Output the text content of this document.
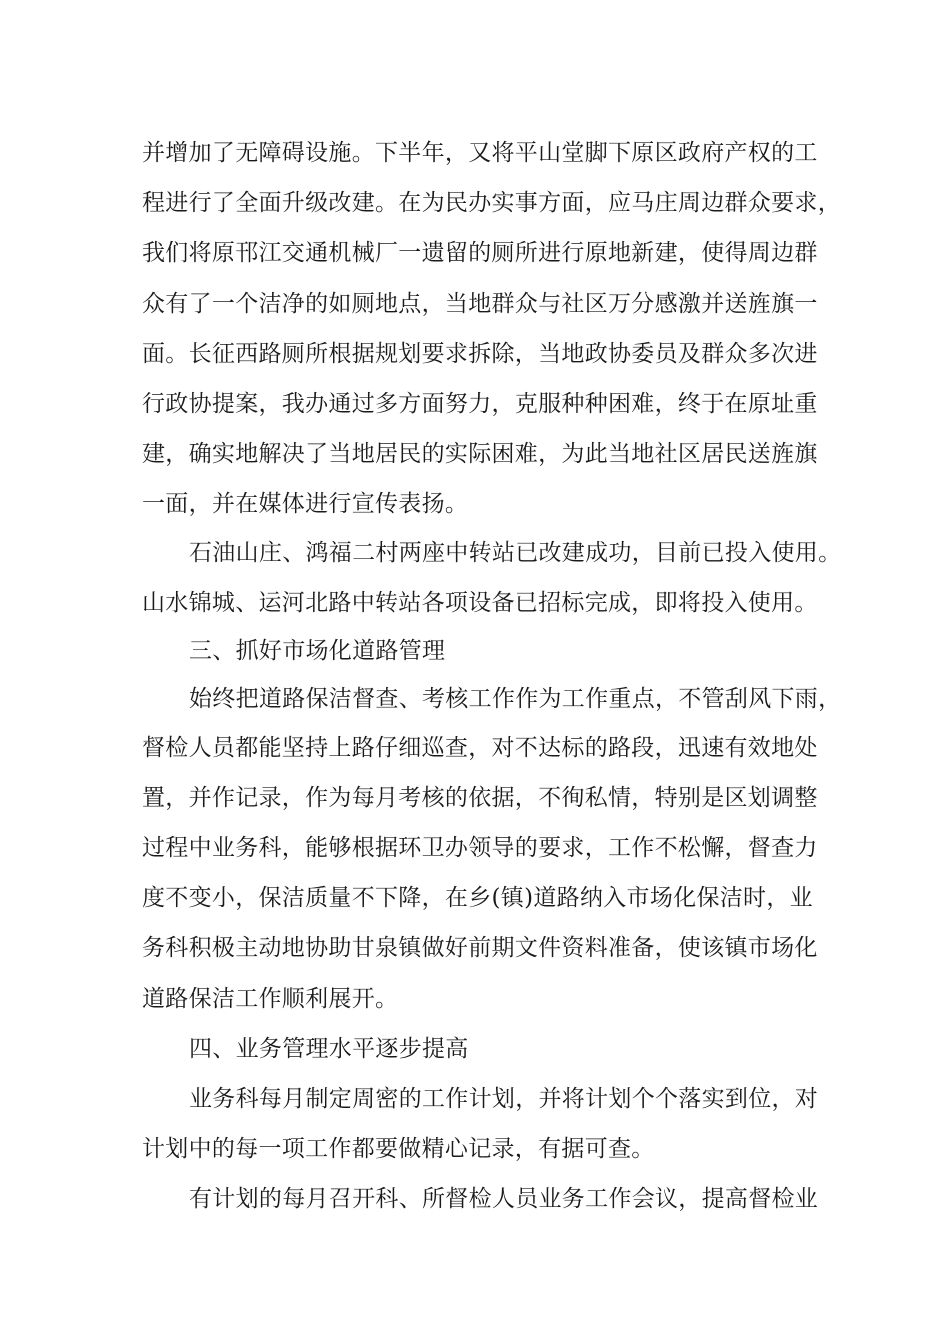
并增加了无障碍设施。下半年，又将平山堂脚下原区政府产权的工
程进行了全面升级改建。在为民办实事方面，应马庄周边群众要求，
我们将原邗江交通机械厂一遗留的厕所进行原地新建，使得周边群
众有了一个洁净的如厕地点，当地群众与社区万分感激并送旌旗一
面。长征西路厕所根据规划要求拆除，当地政协委员及群众多次进
行政协提案，我办通过多方面努力，克服种种困难，终于在原址重
建，确实地解决了当地居民的实际困难，为此当地社区居民送旌旗
一面，并在媒体进行宣传表扬。
石油山庄、鸿福二村两座中转站已改建成功，目前已投入使用。
山水锦城、运河北路中转站各项设备已招标完成，即将投入使用。
三、抓好市场化道路管理
始终把道路保洁督查、考核工作作为工作重点，不管刮风下雨，
督检人员都能坚持上路仔细巡查，对不达标的路段，迅速有效地处
置，并作记录，作为每月考核的依据，不徇私情，特别是区划调整
过程中业务科，能够根据环卫办领导的要求，工作不松懈，督查力
度不变小，保洁质量不下降，在乡(镇)道路纳入市场化保洁时，业
务科积极主动地协助甘泉镇做好前期文件资料准备，使该镇市场化
道路保洁工作顺利展开。
四、业务管理水平逐步提高
业务科每月制定周密的工作计划，并将计划个个落实到位，对
计划中的每一项工作都要做精心记录，有据可查。
有计划的每月召开科、所督检人员业务工作会议，提高督检业
